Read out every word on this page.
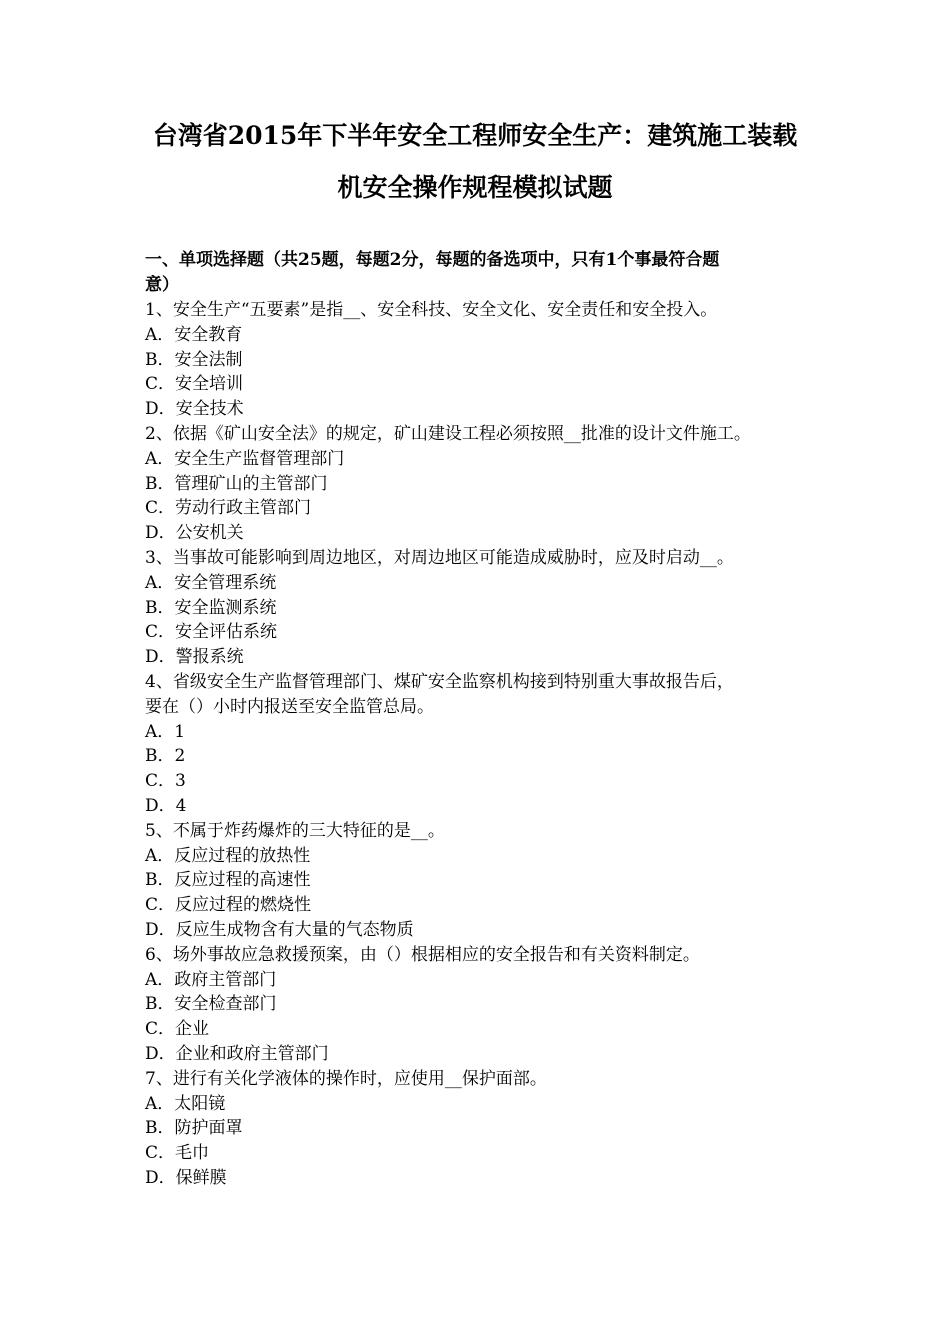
台湾省2015年下半年安全工程师安全生产：建筑施工装载
机安全操作规程模拟试题
一、单项选择题（共25题，每题2分，每题的备选项中，只有1个事最符合题
意）
1、安全生产“五要素”是指__、安全科技、安全文化、安全责任和安全投入。
A．安全教育
B．安全法制
C．安全培训
D．安全技术
2、依据《矿山安全法》的规定，矿山建设工程必须按照__批准的设计文件施工。
A．安全生产监督管理部门
B．管理矿山的主管部门
C．劳动行政主管部门
D．公安机关
3、当事故可能影响到周边地区，对周边地区可能造成威胁时，应及时启动__。
A．安全管理系统
B．安全监测系统
C．安全评估系统
D．警报系统
4、省级安全生产监督管理部门、煤矿安全监察机构接到特别重大事故报告后，
要在（）小时内报送至安全监管总局。
A．1
B．2
C．3
D．4
5、不属于炸药爆炸的三大特征的是__。
A．反应过程的放热性
B．反应过程的高速性
C．反应过程的燃烧性
D．反应生成物含有大量的气态物质
6、场外事故应急救援预案，由（）根据相应的安全报告和有关资料制定。
A．政府主管部门
B．安全检查部门
C．企业
D．企业和政府主管部门
7、进行有关化学液体的操作时，应使用__保护面部。
A．太阳镜
B．防护面罩
C．毛巾
D．保鲜膜
